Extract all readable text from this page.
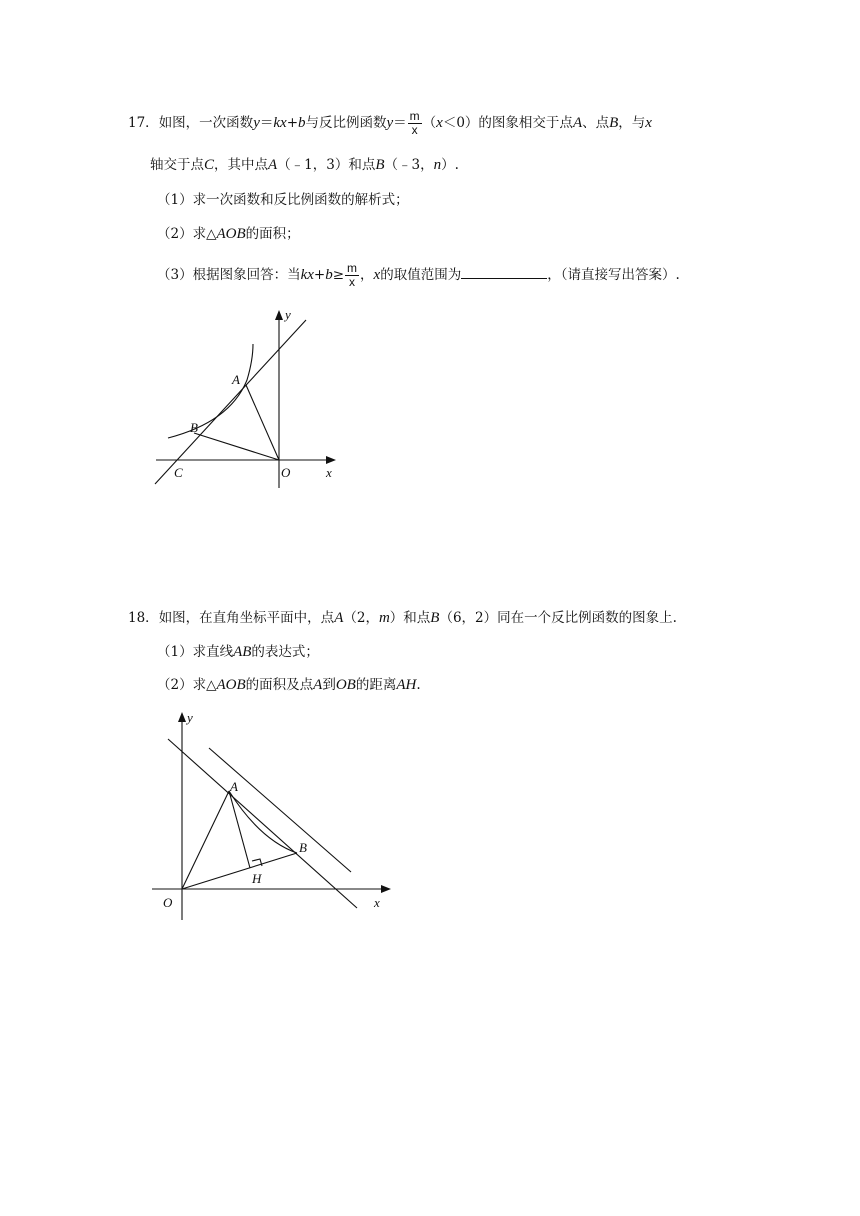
17．如图，一次函数y＝kx+b与反比例函数$y= \frac{m}{x} (x<0)$的图象相交于点A、点B，与x
轴交于点C，其中点A（﹣1，3）和点B（﹣3，n）.
（1）求一次函数和反比例函数的解析式；
（2）求△AOB的面积；
（3）根据图象回答：当$kx+b\ge \frac{m}{x}$ ，x的取值范围为	，（请直接写出答案）.
y
A
B
C	O	x
18．如图，在直角坐标平面中，点A（2，m）和点B（6，2）同在一个反比例函数的图象上.
（1）求直线AB的表达式；
（2）求△AOB的面积及点A到OB的距离AH.
y
A
B
H
O	x
